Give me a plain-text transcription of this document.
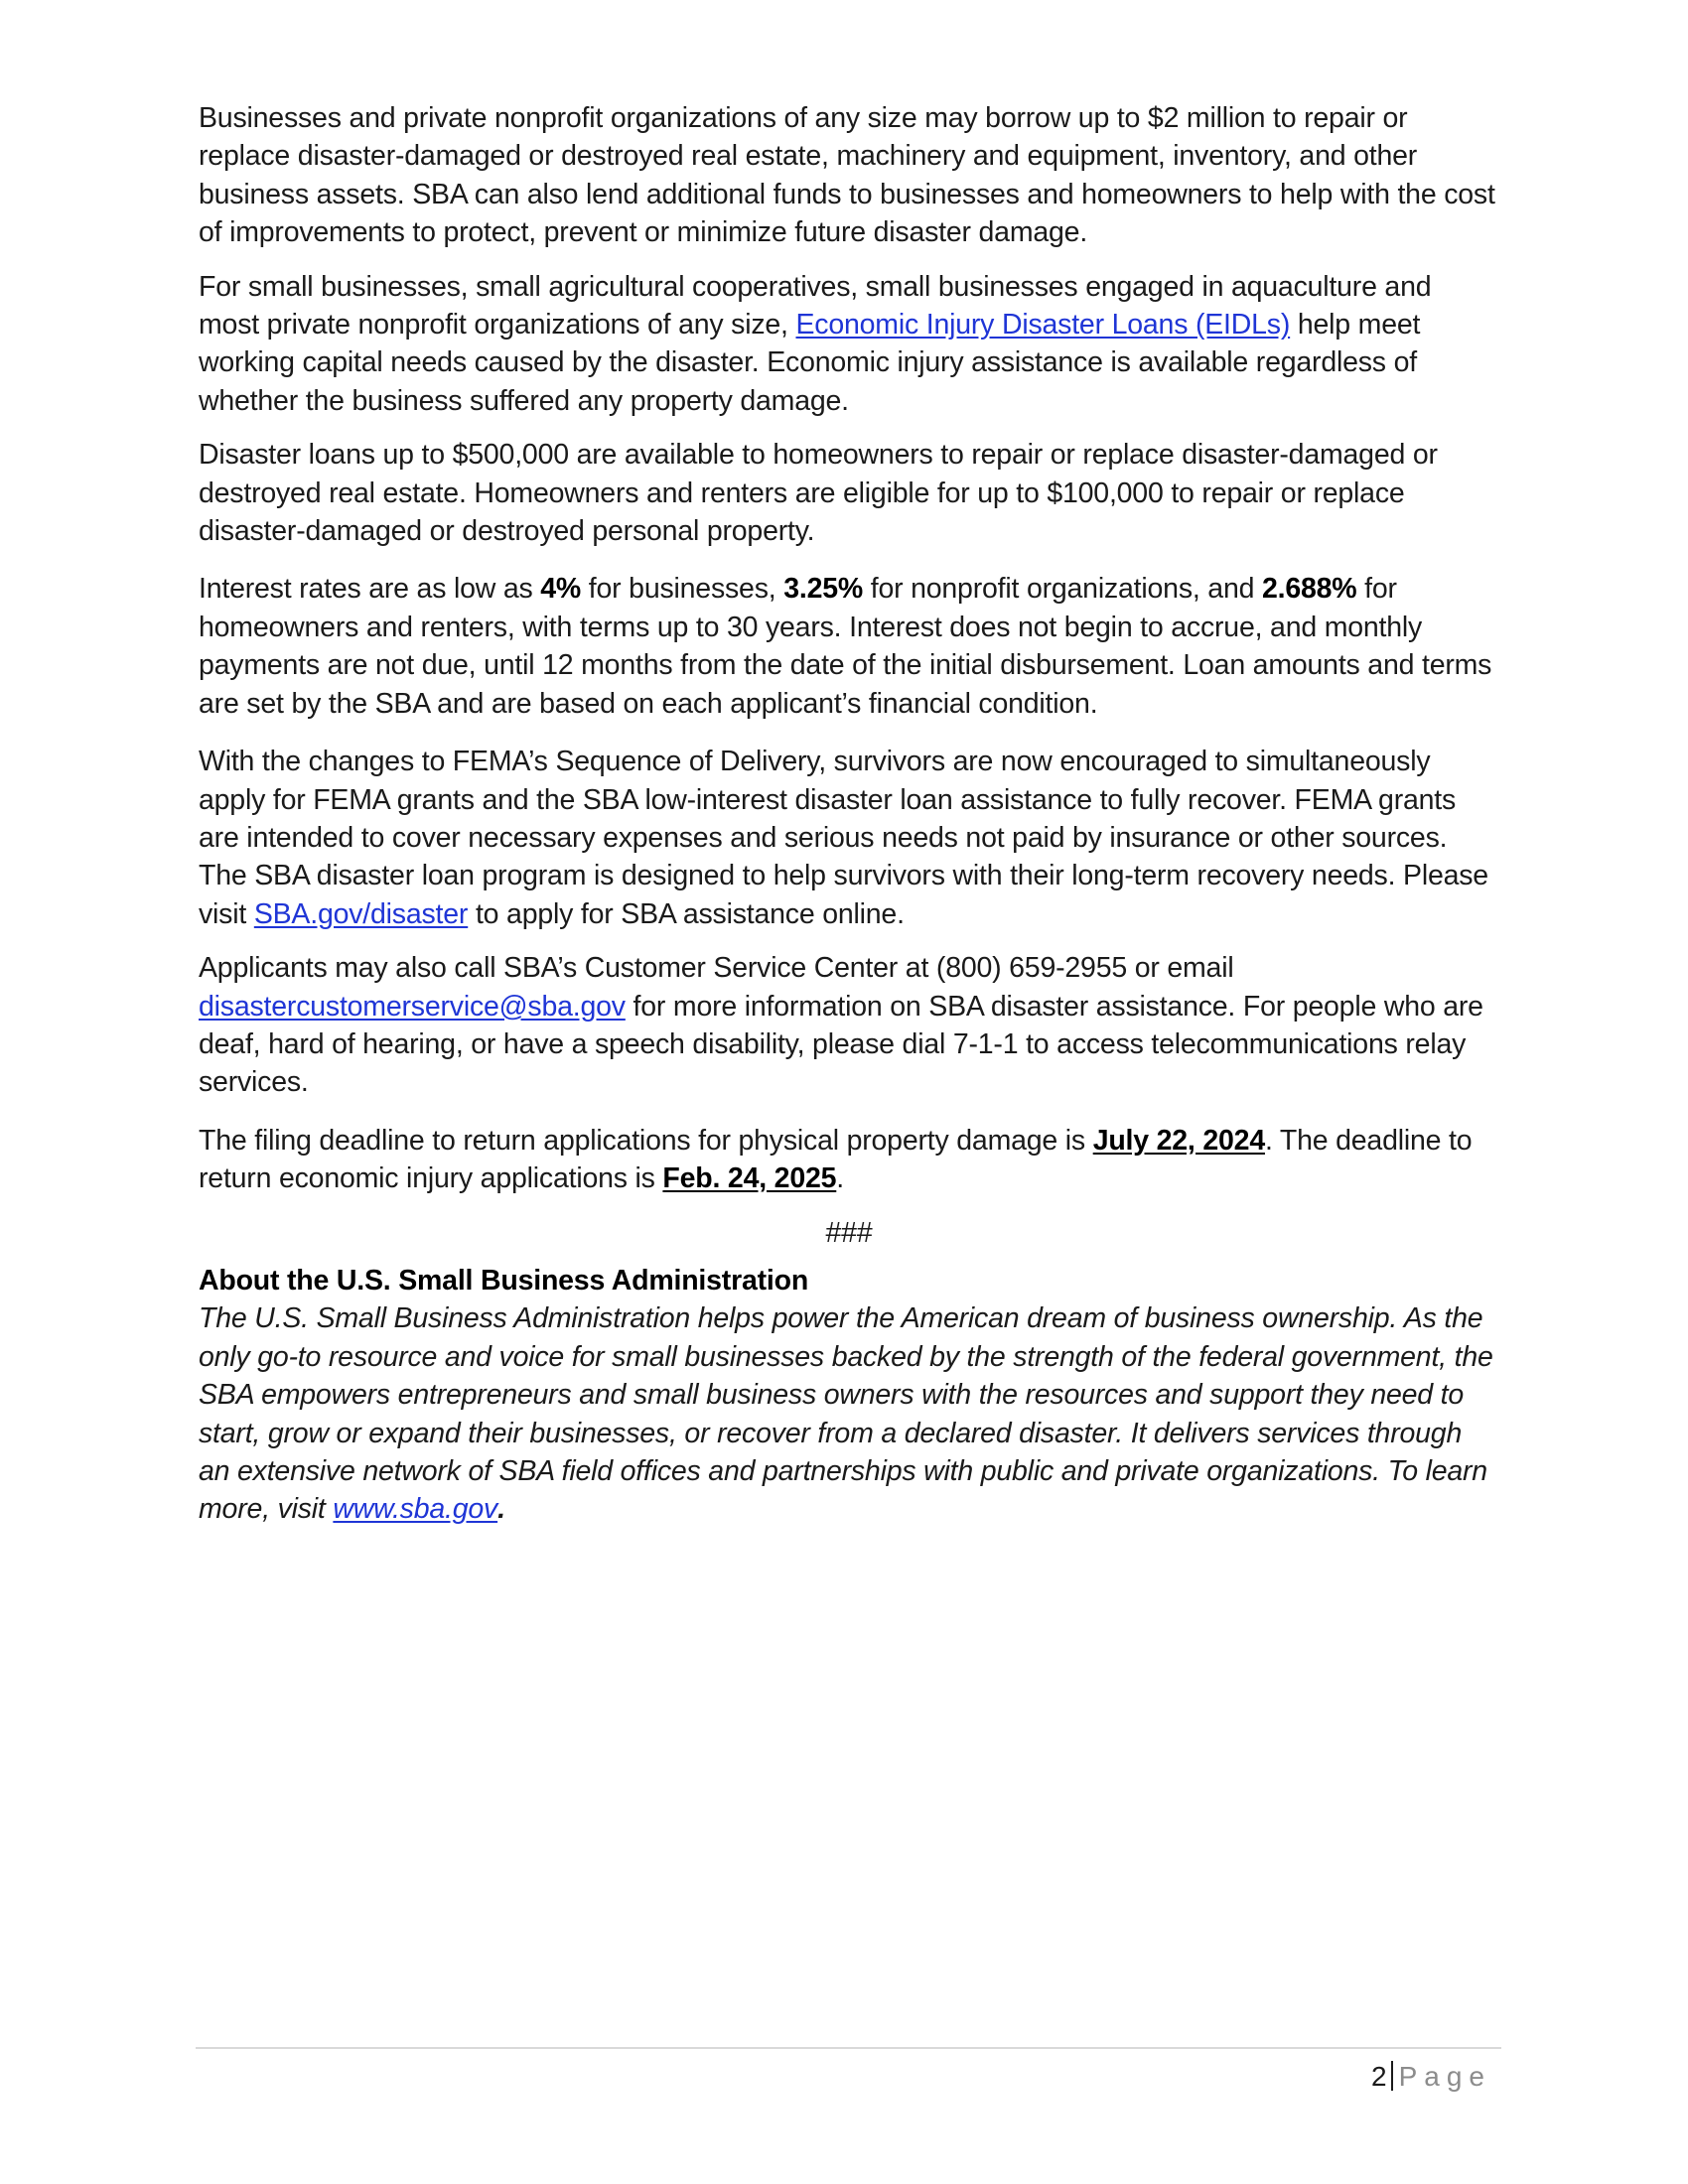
Businesses and private nonprofit organizations of any size may borrow up to $2 million to repair or replace disaster-damaged or destroyed real estate, machinery and equipment, inventory, and other business assets. SBA can also lend additional funds to businesses and homeowners to help with the cost of improvements to protect, prevent or minimize future disaster damage.

For small businesses, small agricultural cooperatives, small businesses engaged in aquaculture and most private nonprofit organizations of any size, Economic Injury Disaster Loans (EIDLs) help meet working capital needs caused by the disaster. Economic injury assistance is available regardless of whether the business suffered any property damage.

Disaster loans up to $500,000 are available to homeowners to repair or replace disaster-damaged or destroyed real estate. Homeowners and renters are eligible for up to $100,000 to repair or replace disaster-damaged or destroyed personal property.

Interest rates are as low as 4% for businesses, 3.25% for nonprofit organizations, and 2.688% for homeowners and renters, with terms up to 30 years. Interest does not begin to accrue, and monthly payments are not due, until 12 months from the date of the initial disbursement. Loan amounts and terms are set by the SBA and are based on each applicant’s financial condition.

With the changes to FEMA’s Sequence of Delivery, survivors are now encouraged to simultaneously apply for FEMA grants and the SBA low-interest disaster loan assistance to fully recover. FEMA grants are intended to cover necessary expenses and serious needs not paid by insurance or other sources. The SBA disaster loan program is designed to help survivors with their long-term recovery needs. Please visit SBA.gov/disaster to apply for SBA assistance online.

Applicants may also call SBA’s Customer Service Center at (800) 659-2955 or email disastercustomerservice@sba.gov for more information on SBA disaster assistance. For people who are deaf, hard of hearing, or have a speech disability, please dial 7-1-1 to access telecommunications relay services.

The filing deadline to return applications for physical property damage is July 22, 2024. The deadline to return economic injury applications is Feb. 24, 2025.

###

About the U.S. Small Business Administration

The U.S. Small Business Administration helps power the American dream of business ownership. As the only go-to resource and voice for small businesses backed by the strength of the federal government, the SBA empowers entrepreneurs and small business owners with the resources and support they need to start, grow or expand their businesses, or recover from a declared disaster. It delivers services through an extensive network of SBA field offices and partnerships with public and private organizations. To learn more, visit www.sba.gov.

2 Page
